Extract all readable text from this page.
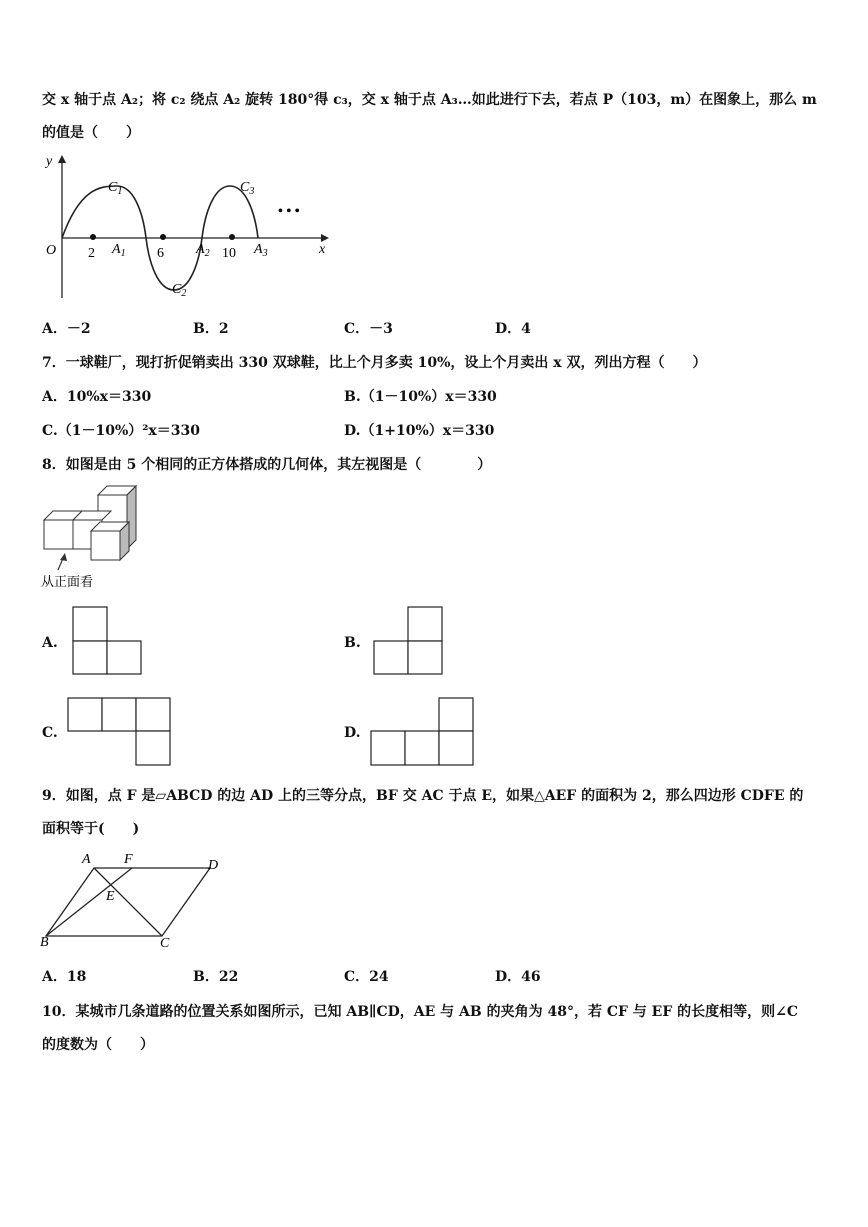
交 x 轴于点 A₂；将 c₂ 绕点 A₂ 旋转 180°得 c₃，交 x 轴于点 A₃…如此进行下去，若点 P（103，m）在图象上，那么 m
的值是（　　）
y
x
O 2	6	10
$A_1$	$A_2$	$A_3$
$C_1$
$C_2$
$C_3$
• • •
A．－2	B．2	C．－3	D．4
7．一球鞋厂，现打折促销卖出 330 双球鞋，比上个月多卖 10%，设上个月卖出 x 双，列出方程（　　）
A．10%x＝330	B.（1－10%）x＝330
C.（1－10%）²x＝330	D.（1+10%）x＝330
8．如图是由 5 个相同的正方体搭成的几何体，其左视图是（　　　　）
从正面看
A.	B.
C.	D.
9．如图，点 F 是▱ABCD 的边 AD 上的三等分点，BF 交 AC 于点 E，如果△AEF 的面积为 2，那么四边形 CDFE 的
面积等于(　　)
A F	D
E
B	C
A．18	B．22	C．24	D．46
10．某城市几条道路的位置关系如图所示，已知 AB∥CD，AE 与 AB 的夹角为 48°，若 CF 与 EF 的长度相等，则∠C
的度数为（　　）
